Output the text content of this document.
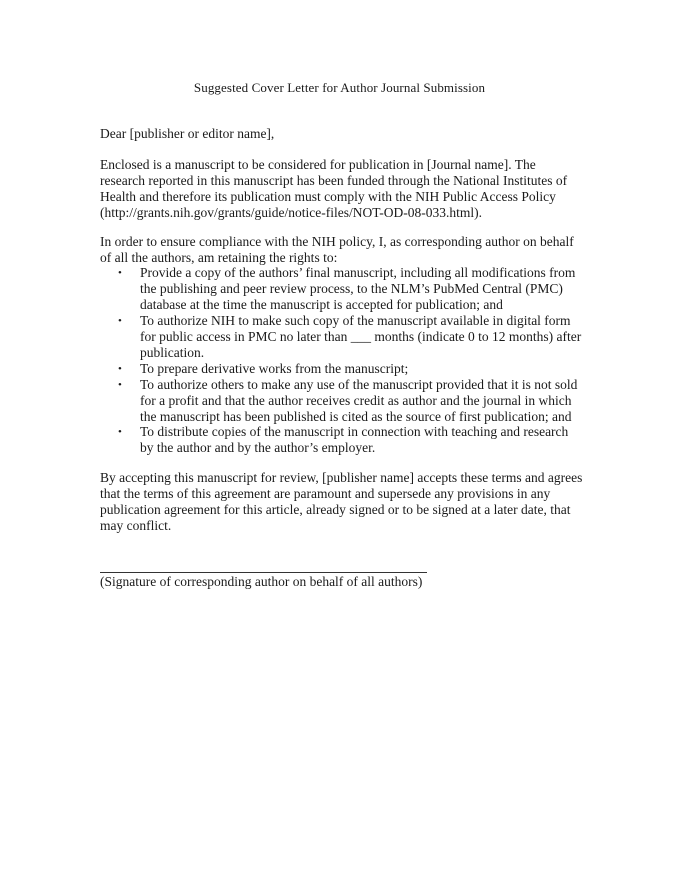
Suggested Cover Letter for Author Journal Submission
Dear [publisher or editor name],
Enclosed is a manuscript to be considered for publication in [Journal name]. The
research reported in this manuscript has been funded through the National Institutes of
Health and therefore its publication must comply with the NIH Public Access Policy
(http://grants.nih.gov/grants/guide/notice-files/NOT-OD-08-033.html).
In order to ensure compliance with the NIH policy, I, as corresponding author on behalf
of all the authors, am retaining the rights to:
• Provide a copy of the authors’ final manuscript, including all modifications from
the publishing and peer review process, to the NLM’s PubMed Central (PMC)
database at the time the manuscript is accepted for publication; and
• To authorize NIH to make such copy of the manuscript available in digital form
for public access in PMC no later than ___ months (indicate 0 to 12 months) after
publication.
• To prepare derivative works from the manuscript;
• To authorize others to make any use of the manuscript provided that it is not sold
for a profit and that the author receives credit as author and the journal in which
the manuscript has been published is cited as the source of first publication; and
• To distribute copies of the manuscript in connection with teaching and research
by the author and by the author’s employer.
By accepting this manuscript for review, [publisher name] accepts these terms and agrees
that the terms of this agreement are paramount and supersede any provisions in any
publication agreement for this article, already signed or to be signed at a later date, that
may conflict.
(Signature of corresponding author on behalf of all authors)
